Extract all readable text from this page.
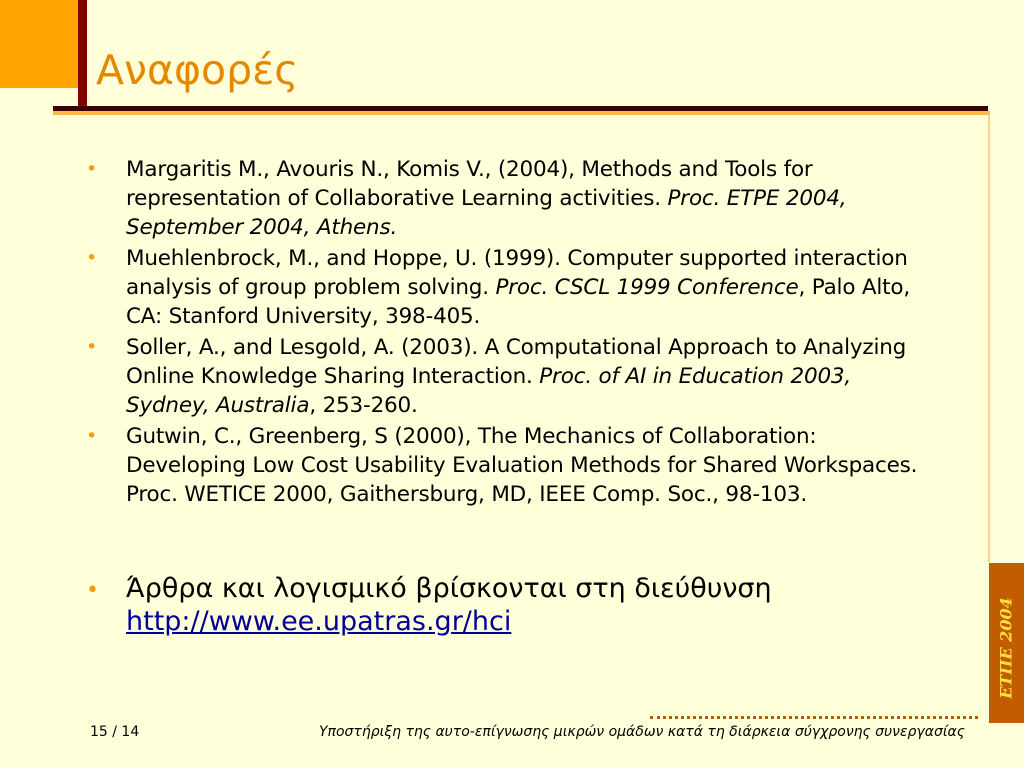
Αναφορές
• Margaritis M., Avouris N., Komis V., (2004), Methods and Tools for representation of Collaborative Learning activities. Proc. ETPE 2004, September 2004, Athens.
• Muehlenbrock, M., and Hoppe, U. (1999). Computer supported interaction analysis of group problem solving. Proc. CSCL 1999 Conference, Palo Alto, CA: Stanford University, 398-405.
• Soller, A., and Lesgold, A. (2003). A Computational Approach to Analyzing Online Knowledge Sharing Interaction. Proc. of AI in Education 2003, Sydney, Australia, 253-260.
• Gutwin, C., Greenberg, S (2000), The Mechanics of Collaboration: Developing Low Cost Usability Evaluation Methods for Shared Workspaces. Proc. WETICE 2000, Gaithersburg, MD, IEEE Comp. Soc., 98-103.
• Άρθρα και λογισμικό βρίσκονται στη διεύθυνση
http://www.ee.upatras.gr/hci	ΕΤΠΕ 2004
15 / 14	Υποστήριξη της αυτο-επίγνωσης μικρών ομάδων κατά τη διάρκεια σύγχρονης συνεργασίας
